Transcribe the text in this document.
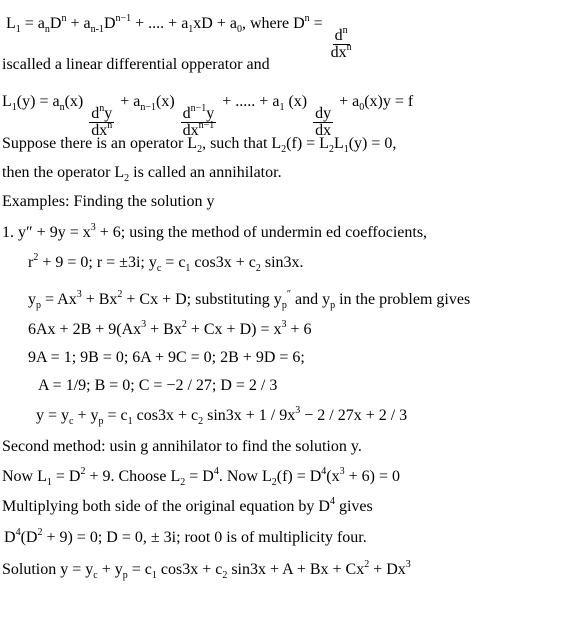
$L_1 = a_nD^n + a_{n-1}D^{n-1}$ + .... + $a_1xD + a_0$, where $D^n$ =
$\frac{d^n}{dx^n}$
iscalled a linear differential opperator and
$L_1(y) = a_n(x)$
$\frac{d^ny}{dx^n}$
+ $a_{n-1}(x)$
$\frac{d^{n-1}y}{dx^{n-1}}$
+ ..... + $a_1$ (x)
$\frac{dy}{dx}$
+ $a_0(x)y = f$
Suppose there is an operator $L_2$, such that $L_2(f) = L_2L_1(y) = 0$,
then the operator $L_2$ is called an annihilator.
Examples: Finding the solution y
1. $y'' + 9y = x^3 + 6$; using the method of undermin ed coeffocients,
$r^2 + 9 = 0$; r = ±3i; $y_c = c_1$ $\cos 3x + c_2$ sin3x.
$y_p = Ax^3 + Bx^2 + Cx + D$; substituting $y_p''$ and $y_p$ in the problem gives
$6Ax + 2B + 9(Ax^3 + Bx^2 + Cx + D) = x^3 + 6$
9A = 1; 9B = 0; 6A + 9C = 0; 2B + 9D = 6;
A = 1/9; B = 0; C = −2 / 27; D = 2 / 3
$y = y_c + y_p = c_1$ $\cos 3x + c_2$ $\sin 3x + 1 / 9x^3 - 2 / 27x + 2 / 3$
Second method: usin g annihilator to find the solution y.
Now $L_1 = D^2 + 9$. Choose $L_2 = D^4$. Now $L_2(f) = D^4(x^3 + 6) = 0$
Multiplying both side of the original equation by $D^4$ gives
$D^4(D^2 + 9) = 0$; D = 0, ± 3i; root 0 is of multiplicity four.
Solution $y = y_c + y_p = c_1$ $\cos 3x + c_2$ $\sin 3x + A + Bx + Cx^2 + Dx^3$
